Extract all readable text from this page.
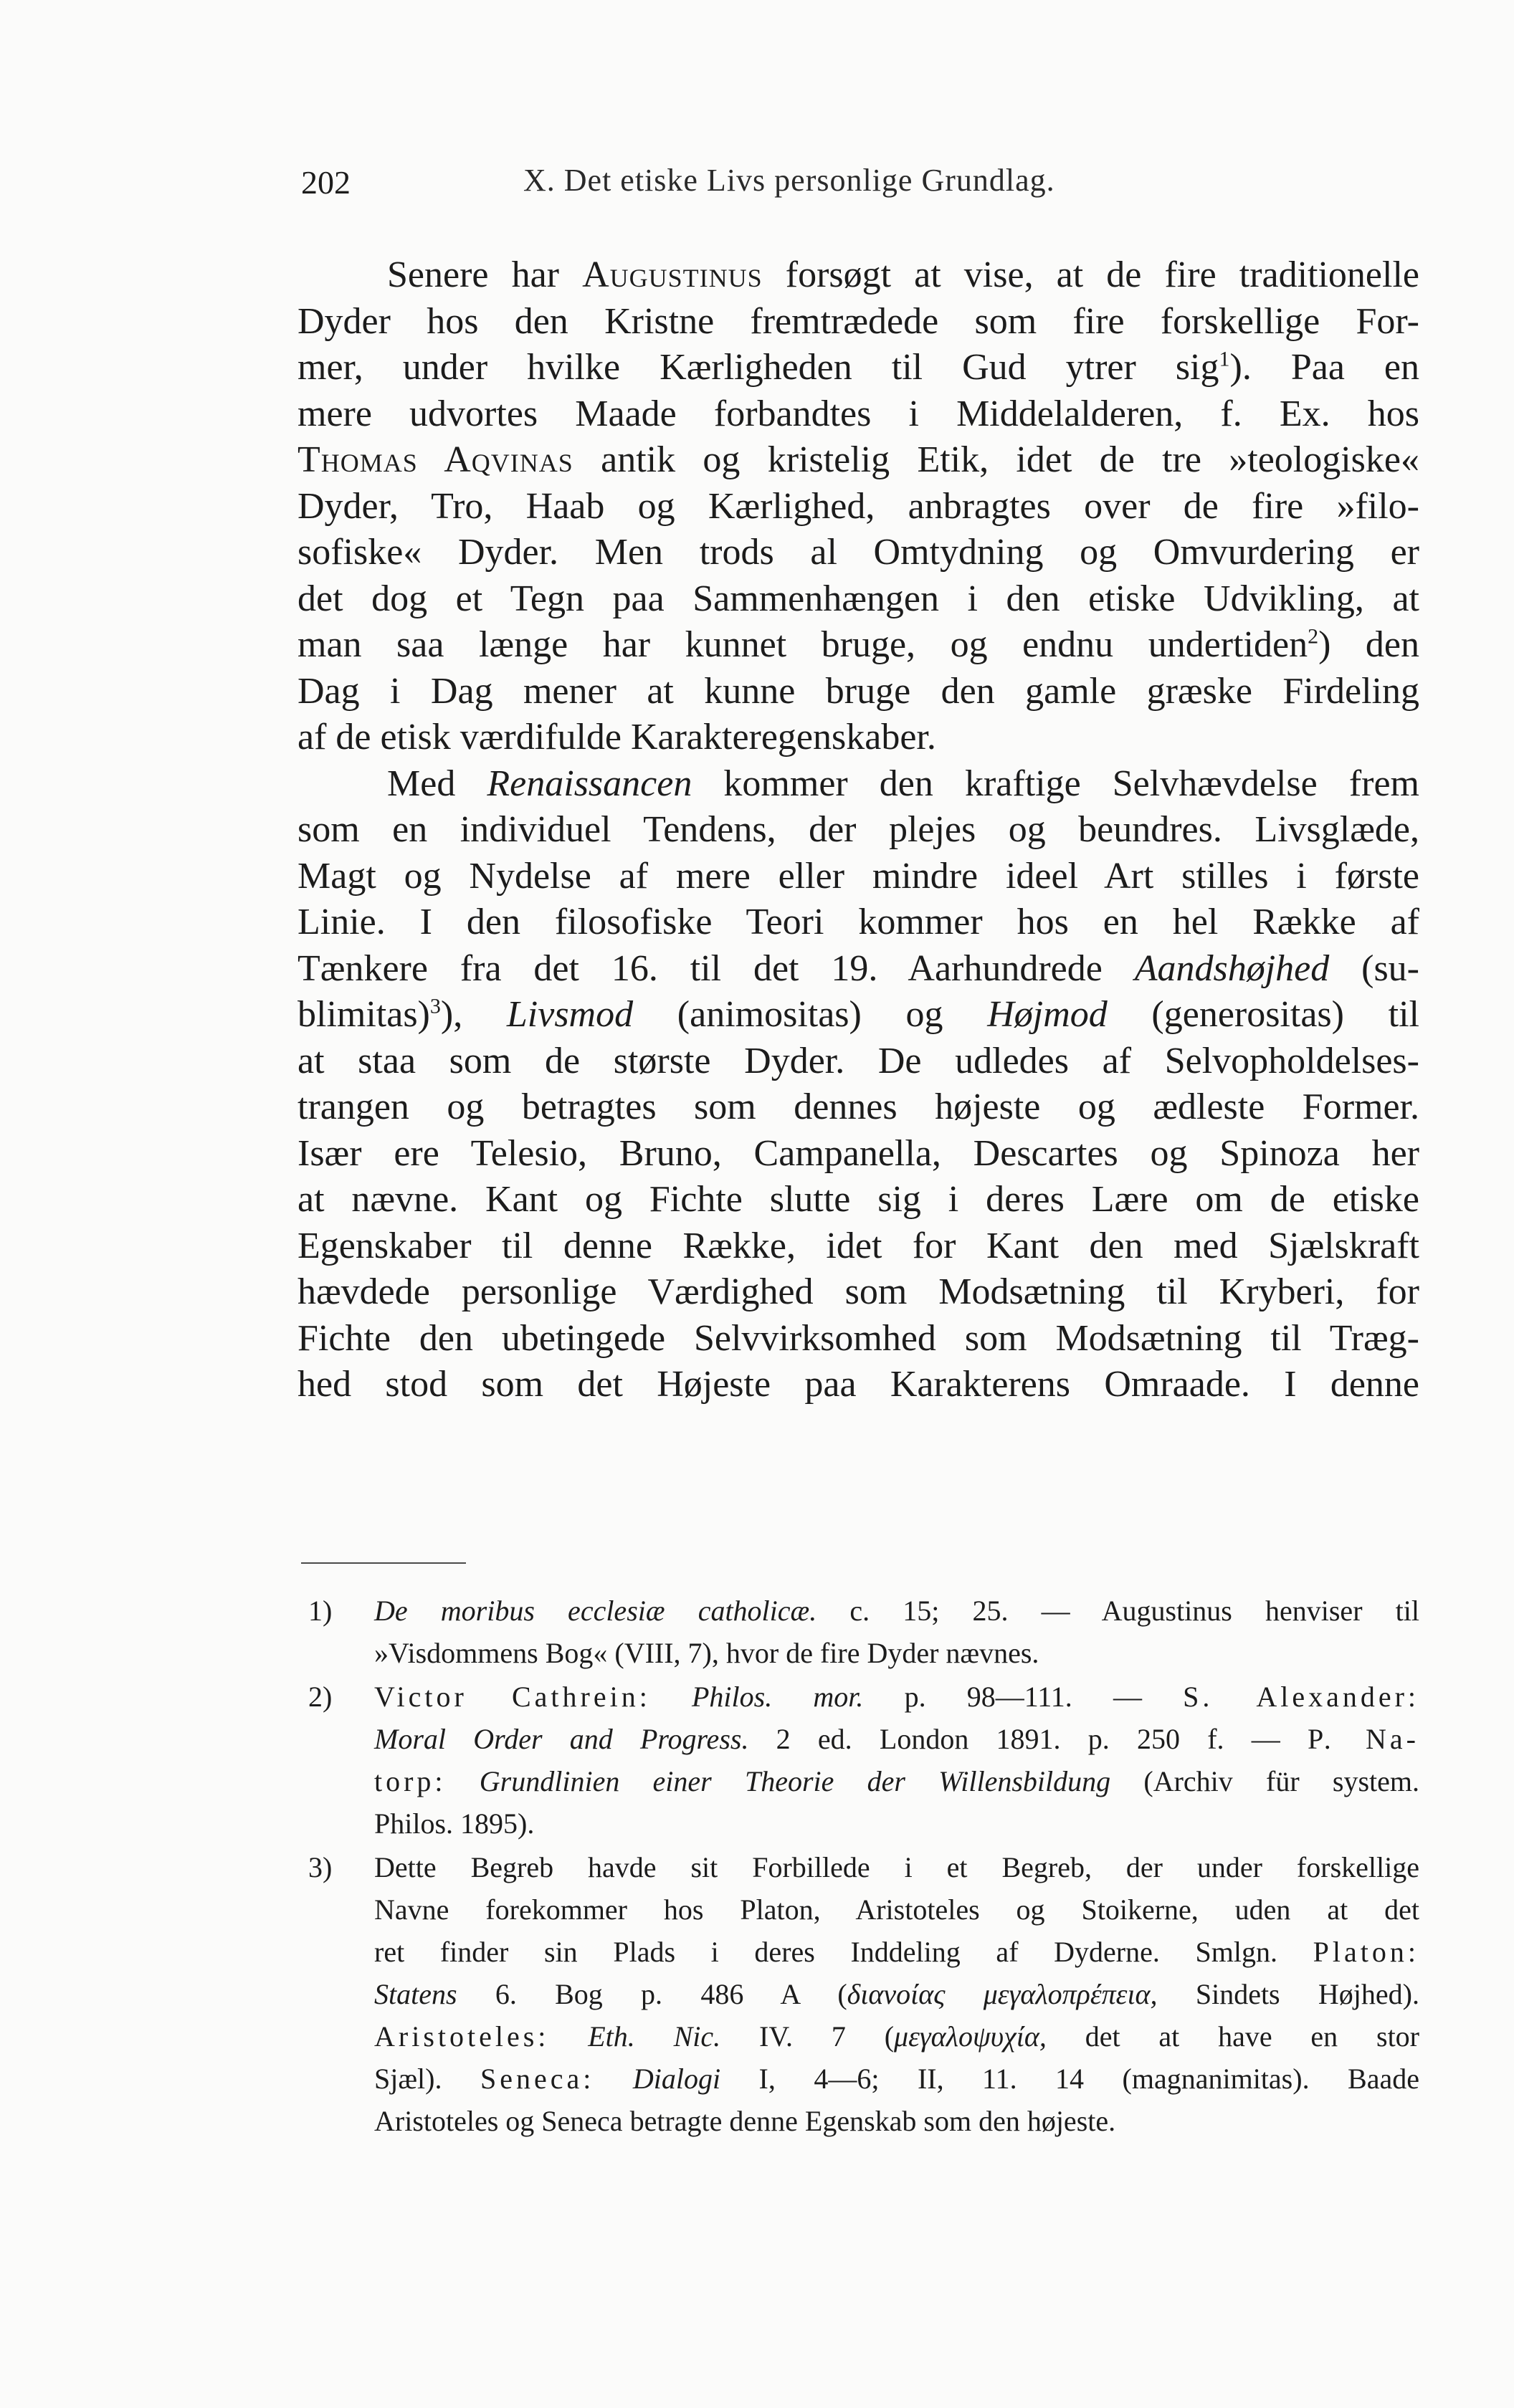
202	X. Det etiske Livs personlige Grundlag.
Senere har Augustinus forsøgt at vise, at de fire traditionelle
Dyder hos den Kristne fremtrædede som fire forskellige For-
mer, under hvilke Kærligheden til Gud ytrer sig$^1$). Paa en
mere udvortes Maade forbandtes i Middelalderen, f. Ex. hos
Thomas Aqvinas antik og kristelig Etik, idet de tre »teologiske«
Dyder, Tro, Haab og Kærlighed, anbragtes over de fire »filo-
sofiske« Dyder. Men trods al Omtydning og Omvurdering er
det dog et Tegn paa Sammenhængen i den etiske Udvikling, at
man saa længe har kunnet bruge, og endnu undertiden$^2$) den
Dag i Dag mener at kunne bruge den gamle græske Firdeling
af de etisk værdifulde Karakteregenskaber.
Med Renaissancen kommer den kraftige Selvhævdelse frem
som en individuel Tendens, der plejes og beundres. Livsglæde,
Magt og Nydelse af mere eller mindre ideel Art stilles i første
Linie. I den filosofiske Teori kommer hos en hel Række af
Tænkere fra det 16. til det 19. Aarhundrede Aandshøjhed (su-
blimitas)$^3$), Livsmod (animositas) og Højmod (generositas) til
at staa som de største Dyder. De udledes af Selvopholdelses-
trangen og betragtes som dennes højeste og ædleste Former.
Især ere Telesio, Bruno, Campanella, Descartes og Spinoza her
at nævne. Kant og Fichte slutte sig i deres Lære om de etiske
Egenskaber til denne Række, idet for Kant den med Sjælskraft
hævdede personlige Værdighed som Modsætning til Kryberi, for
Fichte den ubetingede Selvvirksomhed som Modsætning til Træg-
hed stod som det Højeste paa Karakterens Omraade. I denne
1) De moribus ecclesiæ catholicæ. c. 15; 25. — Augustinus henviser til
»Visdommens Bog« (VIII, 7), hvor de fire Dyder nævnes.
2) Victor Cathrein: Philos. mor. p. 98—111. — S. Alexander:
Moral Order and Progress. 2 ed. London 1891. p. 250 f. — P. Na-
torp: Grundlinien einer Theorie der Willensbildung (Archiv für system.
Philos. 1895).
3) Dette Begreb havde sit Forbillede i et Begreb, der under forskellige
Navne forekommer hos Platon, Aristoteles og Stoikerne, uden at det
ret finder sin Plads i deres Inddeling af Dyderne. Smlgn. Platon:
Statens 6. Bog p. 486 A (διανοίας μεγαλοπρέπεια, Sindets Højhed).
Aristoteles: Eth. Nic. IV. 7 (μεγαλοψυχία, det at have en stor
Sjæl). Seneca: Dialogi I, 4—6; II, 11. 14 (magnanimitas). Baade
Aristoteles og Seneca betragte denne Egenskab som den højeste.
